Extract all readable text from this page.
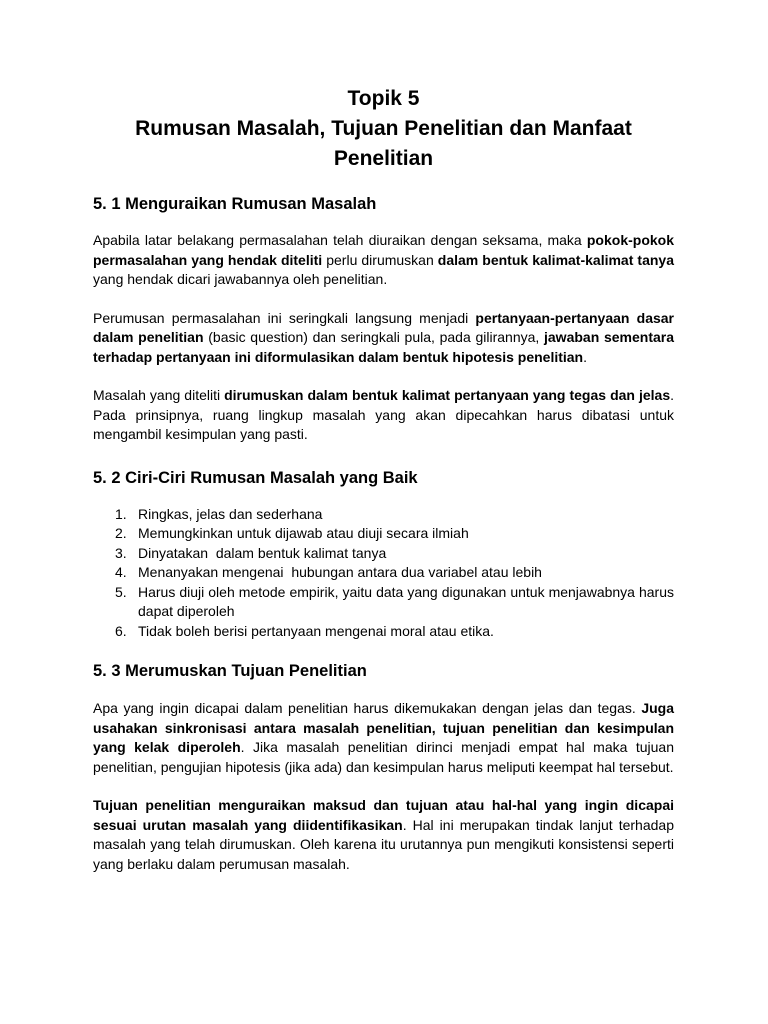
Topik 5
Rumusan Masalah, Tujuan Penelitian dan Manfaat Penelitian
5. 1 Menguraikan Rumusan Masalah

Apabila latar belakang permasalahan telah diuraikan dengan seksama, maka pokok-pokok permasalahan yang hendak diteliti perlu dirumuskan dalam bentuk kalimat-kalimat tanya yang hendak dicari jawabannya oleh penelitian.

Perumusan permasalahan ini seringkali langsung menjadi pertanyaan-pertanyaan dasar dalam penelitian (basic question) dan seringkali pula, pada gilirannya, jawaban sementara terhadap pertanyaan ini diformulasikan dalam bentuk hipotesis penelitian.

Masalah yang diteliti dirumuskan dalam bentuk kalimat pertanyaan yang tegas dan jelas. Pada prinsipnya, ruang lingkup masalah yang akan dipecahkan harus dibatasi untuk mengambil kesimpulan yang pasti.

5. 2 Ciri-Ciri Rumusan Masalah yang Baik
1. Ringkas, jelas dan sederhana
2. Memungkinkan untuk dijawab atau diuji secara ilmiah
3. Dinyatakan  dalam bentuk kalimat tanya
4. Menanyakan mengenai  hubungan antara dua variabel atau lebih
5. Harus diuji oleh metode empirik, yaitu data yang digunakan untuk menjawabnya harus dapat diperoleh
6. Tidak boleh berisi pertanyaan mengenai moral atau etika.
5. 3 Merumuskan Tujuan Penelitian

Apa yang ingin dicapai dalam penelitian harus dikemukakan dengan jelas dan tegas. Juga usahakan sinkronisasi antara masalah penelitian, tujuan penelitian dan kesimpulan yang kelak diperoleh. Jika masalah penelitian dirinci menjadi empat hal maka tujuan penelitian, pengujian hipotesis (jika ada) dan kesimpulan harus meliputi keempat hal tersebut.

Tujuan penelitian menguraikan maksud dan tujuan atau hal-hal yang ingin dicapai sesuai urutan masalah yang diidentifikasikan. Hal ini merupakan tindak lanjut terhadap masalah yang telah dirumuskan. Oleh karena itu urutannya pun mengikuti konsistensi seperti yang berlaku dalam perumusan masalah.
